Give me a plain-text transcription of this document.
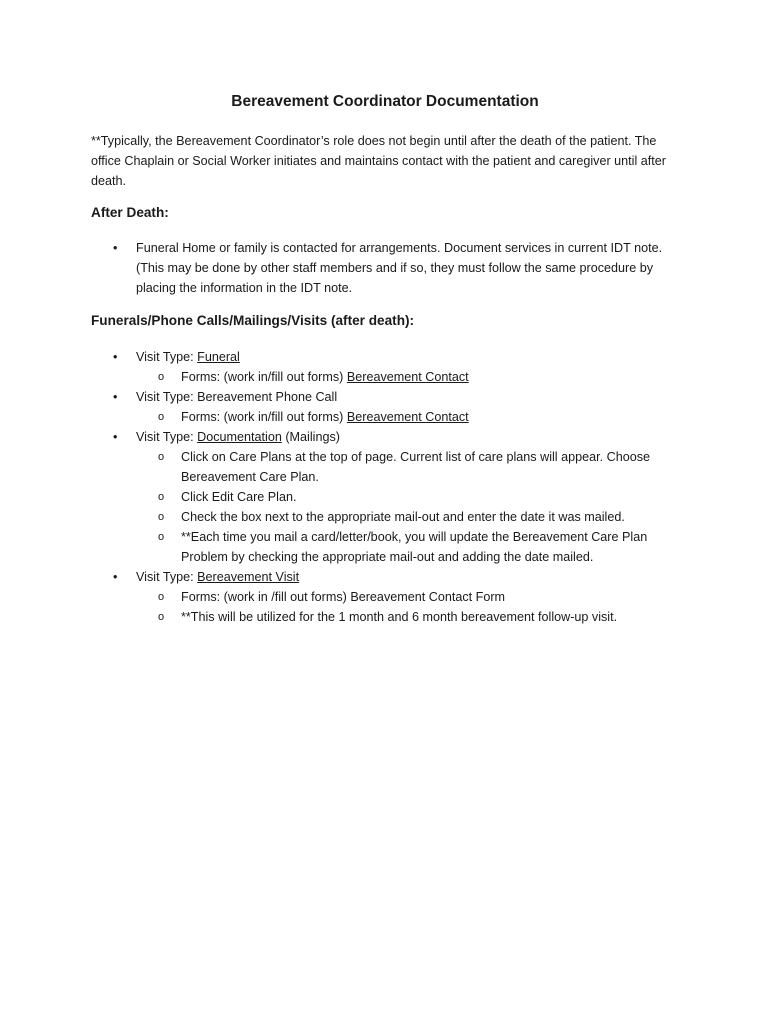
Bereavement Coordinator Documentation
**Typically, the Bereavement Coordinator’s role does not begin until after the death of the patient. The
office Chaplain or Social Worker initiates and maintains contact with the patient and caregiver until after
death.
After Death:
• Funeral Home or family is contacted for arrangements. Document services in current IDT note.
(This may be done by other staff members and if so, they must follow the same procedure by
placing the information in the IDT note.
Funerals/Phone Calls/Mailings/Visits (after death):
• Visit Type: Funeral
o Forms: (work in/fill out forms) Bereavement Contact
• Visit Type: Bereavement Phone Call
o Forms: (work in/fill out forms) Bereavement Contact
• Visit Type: Documentation (Mailings)
o Click on Care Plans at the top of page. Current list of care plans will appear. Choose
Bereavement Care Plan.
o Click Edit Care Plan.
o Check the box next to the appropriate mail-out and enter the date it was mailed.
o **Each time you mail a card/letter/book, you will update the Bereavement Care Plan
Problem by checking the appropriate mail-out and adding the date mailed.
• Visit Type: Bereavement Visit
o Forms: (work in /fill out forms) Bereavement Contact Form
o **This will be utilized for the 1 month and 6 month bereavement follow-up visit.
